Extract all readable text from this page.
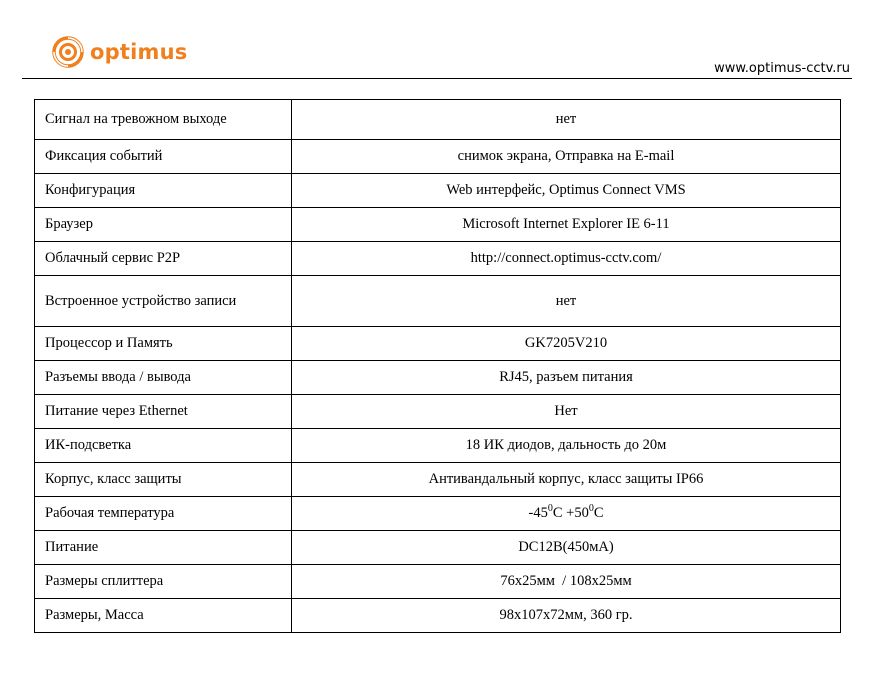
optimus
www.optimus-cctv.ru
Сигнал на тревожном выходе	нет
Фиксация событий	снимок экрана, Отправка на E-mail
Конфигурация	Web интерфейс, Optimus Connect VMS
Браузер	Microsoft Internet Explorer IE 6-11
Облачный сервис P2P	http://connect.optimus-cctv.com/
Встроенное устройство записи	нет
Процессор и Память	GK7205V210
Разъемы ввода / вывода	RJ45, разъем питания
Питание через Ethernet	Нет
ИК-подсветка	18 ИК диодов, дальность до 20м
Корпус, класс защиты	Антивандальный корпус, класс защиты IP66
Рабочая температура	$-45^0C +50^0C$
Питание	DC12В(450мА)
Размеры сплиттера	76x25мм  / 108x25мм
Размеры, Масса	98x107x72мм, 360 гр.
